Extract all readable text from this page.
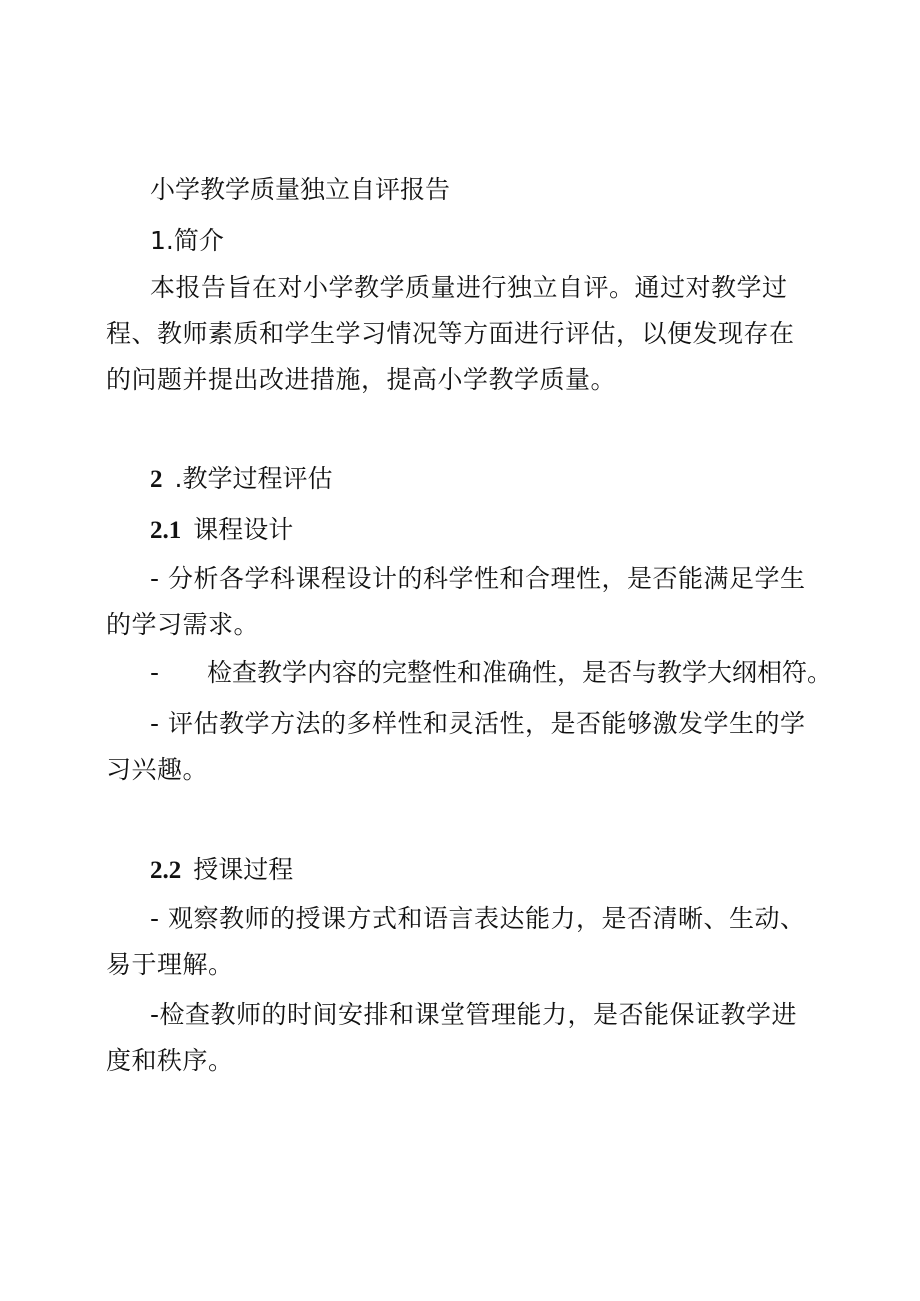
小学教学质量独立自评报告
1.简介
本报告旨在对小学教学质量进行独立自评。通过对教学过程、教师素质和学生学习情况等方面进行评估，以便发现存在的问题并提出改进措施，提高小学教学质量。
2 .教学过程评估
2.1 课程设计
- 分析各学科课程设计的科学性和合理性，是否能满足学生的学习需求。
- 检查教学内容的完整性和准确性，是否与教学大纲相符。
- 评估教学方法的多样性和灵活性，是否能够激发学生的学习兴趣。
2.2 授课过程
- 观察教师的授课方式和语言表达能力，是否清晰、生动、易于理解。
-检查教师的时间安排和课堂管理能力，是否能保证教学进度和秩序。
